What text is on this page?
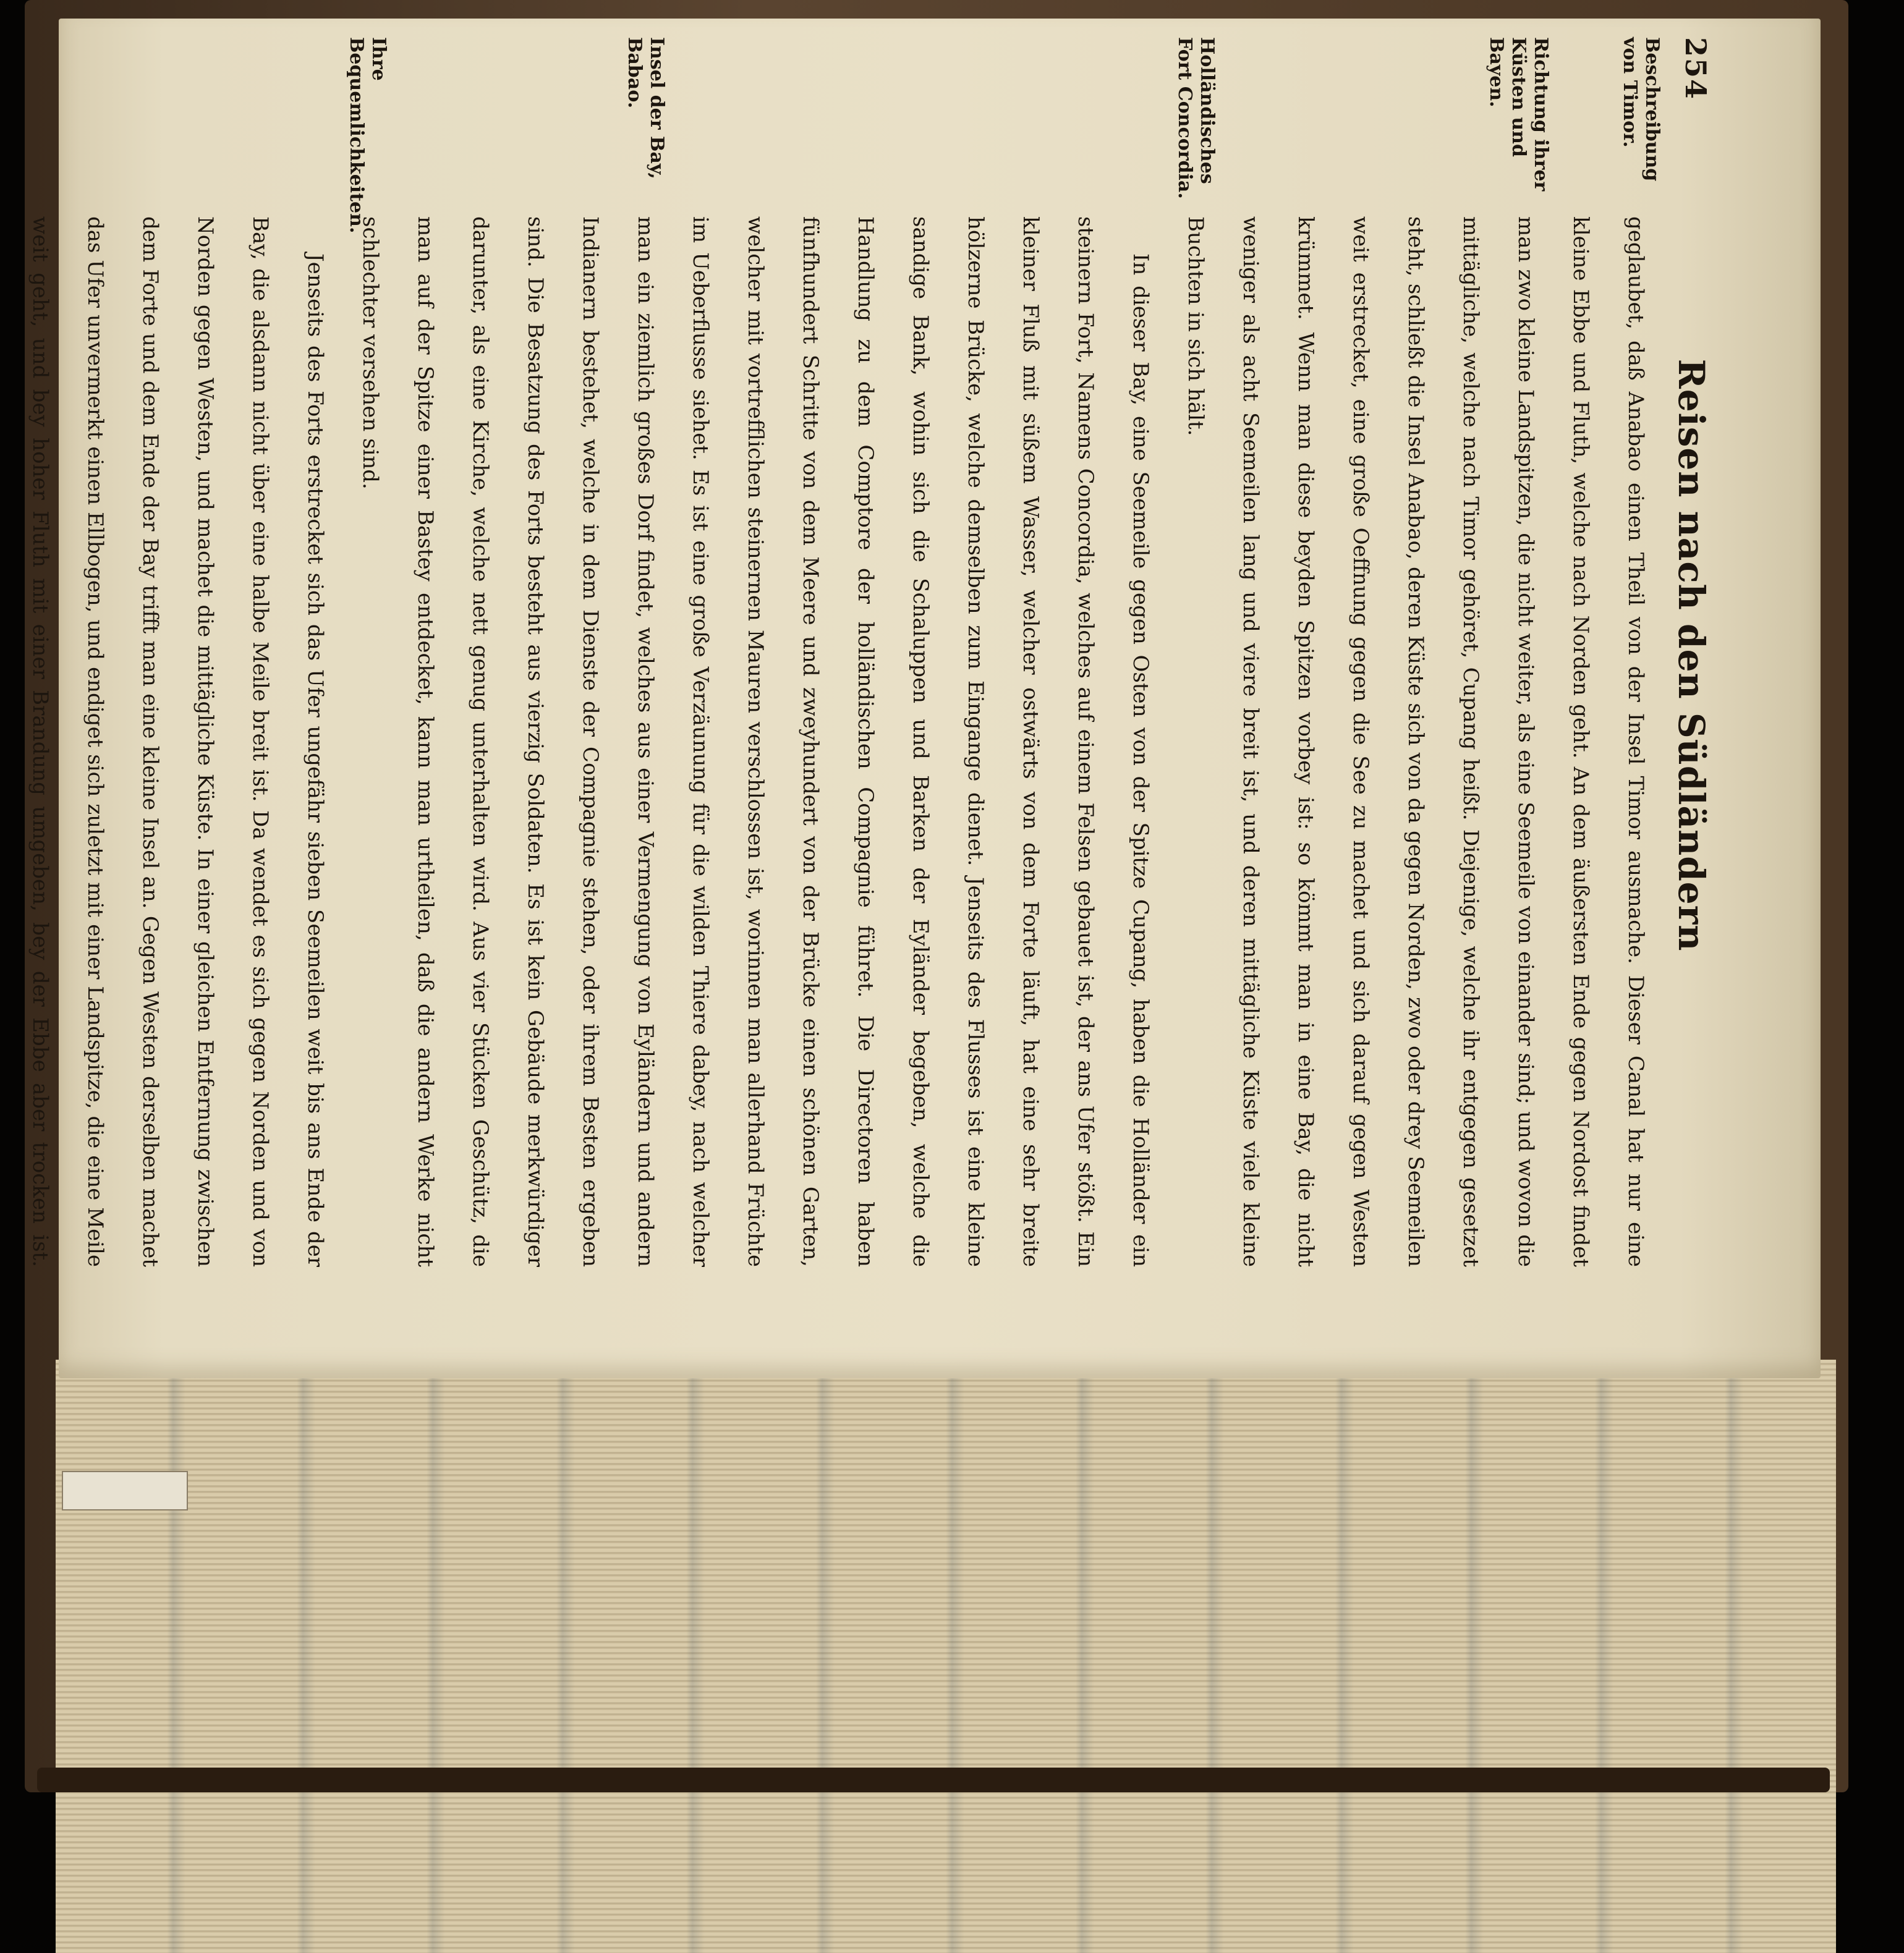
254
Reisen nach den Südländern
Beschreibung von Timor.
Richtung ihrer Küsten und Bayen.
Holländisches Fort Concordia.
Insel der Bay, Babao.
Ihre Bequemlichkeiten.

geglaubet, daß Anabao einen Theil von der Insel Timor ausmache. Dieser Canal hat nur eine kleine Ebbe und Fluth, welche nach Norden geht. An dem äußersten Ende gegen Nordost findet man zwo kleine Landspitzen, die nicht weiter, als eine Seemeile von einander sind; und wovon die mittägliche, welche nach Timor gehöret, Cupang heißt. Diejenige, welche ihr entgegen gesetzet steht, schließt die Insel Anabao, deren Küste sich von da gegen Norden, zwo oder drey Seemeilen weit erstrecket, eine große Oeffnung gegen die See zu machet und sich darauf gegen Westen krümmet. Wenn man diese beyden Spitzen vorbey ist: so kömmt man in eine Bay, die nicht weniger als acht Seemeilen lang und viere breit ist, und deren mittägliche Küste viele kleine Buchten in sich hält.

In dieser Bay, eine Seemeile gegen Osten von der Spitze Cupang, haben die Holländer ein steinern Fort, Namens Concordia, welches auf einem Felsen gebauet ist, der ans Ufer stößt. Ein kleiner Fluß mit süßem Wasser, welcher ostwärts von dem Forte läuft, hat eine sehr breite hölzerne Brücke, welche demselben zum Eingange dienet. Jenseits des Flusses ist eine kleine sandige Bank, wohin sich die Schaluppen und Barken der Eyländer begeben, welche die Handlung zu dem Comptore der holländischen Compagnie führet. Die Directoren haben fünfhundert Schritte von dem Meere und zweyhundert von der Brücke einen schönen Garten, welcher mit vortrefflichen steinernen Mauren verschlossen ist, worinnen man allerhand Früchte im Ueberflusse siehet. Es ist eine große Verzäunung für die wilden Thiere dabey, nach welcher man ein ziemlich großes Dorf findet, welches aus einer Vermengung von Eyländern und andern Indianern bestehet, welche in dem Dienste der Compagnie stehen, oder ihrem Besten ergeben sind. Die Besatzung des Forts besteht aus vierzig Soldaten. Es ist kein Gebäude merkwürdiger darunter, als eine Kirche, welche nett genug unterhalten wird. Aus vier Stücken Geschütz, die man auf der Spitze einer Bastey entdecket, kann man urtheilen, daß die andern Werke nicht schlechter versehen sind.

Jenseits des Forts erstrecket sich das Ufer ungefähr sieben Seemeilen weit bis ans Ende der Bay, die alsdann nicht über eine halbe Meile breit ist. Da wendet es sich gegen Norden und von Norden gegen Westen, und machet die mittägliche Küste. In einer gleichen Entfernung zwischen dem Forte und dem Ende der Bay trifft man eine kleine Insel an. Gegen Westen derselben machet das Ufer unvermerkt einen Ellbogen, und endiget sich zuletzt mit einer Landspitze, die eine Meile weit geht, und bey hoher Fluth mit einer Brandung umgeben, bey der Ebbe aber trocken ist.
